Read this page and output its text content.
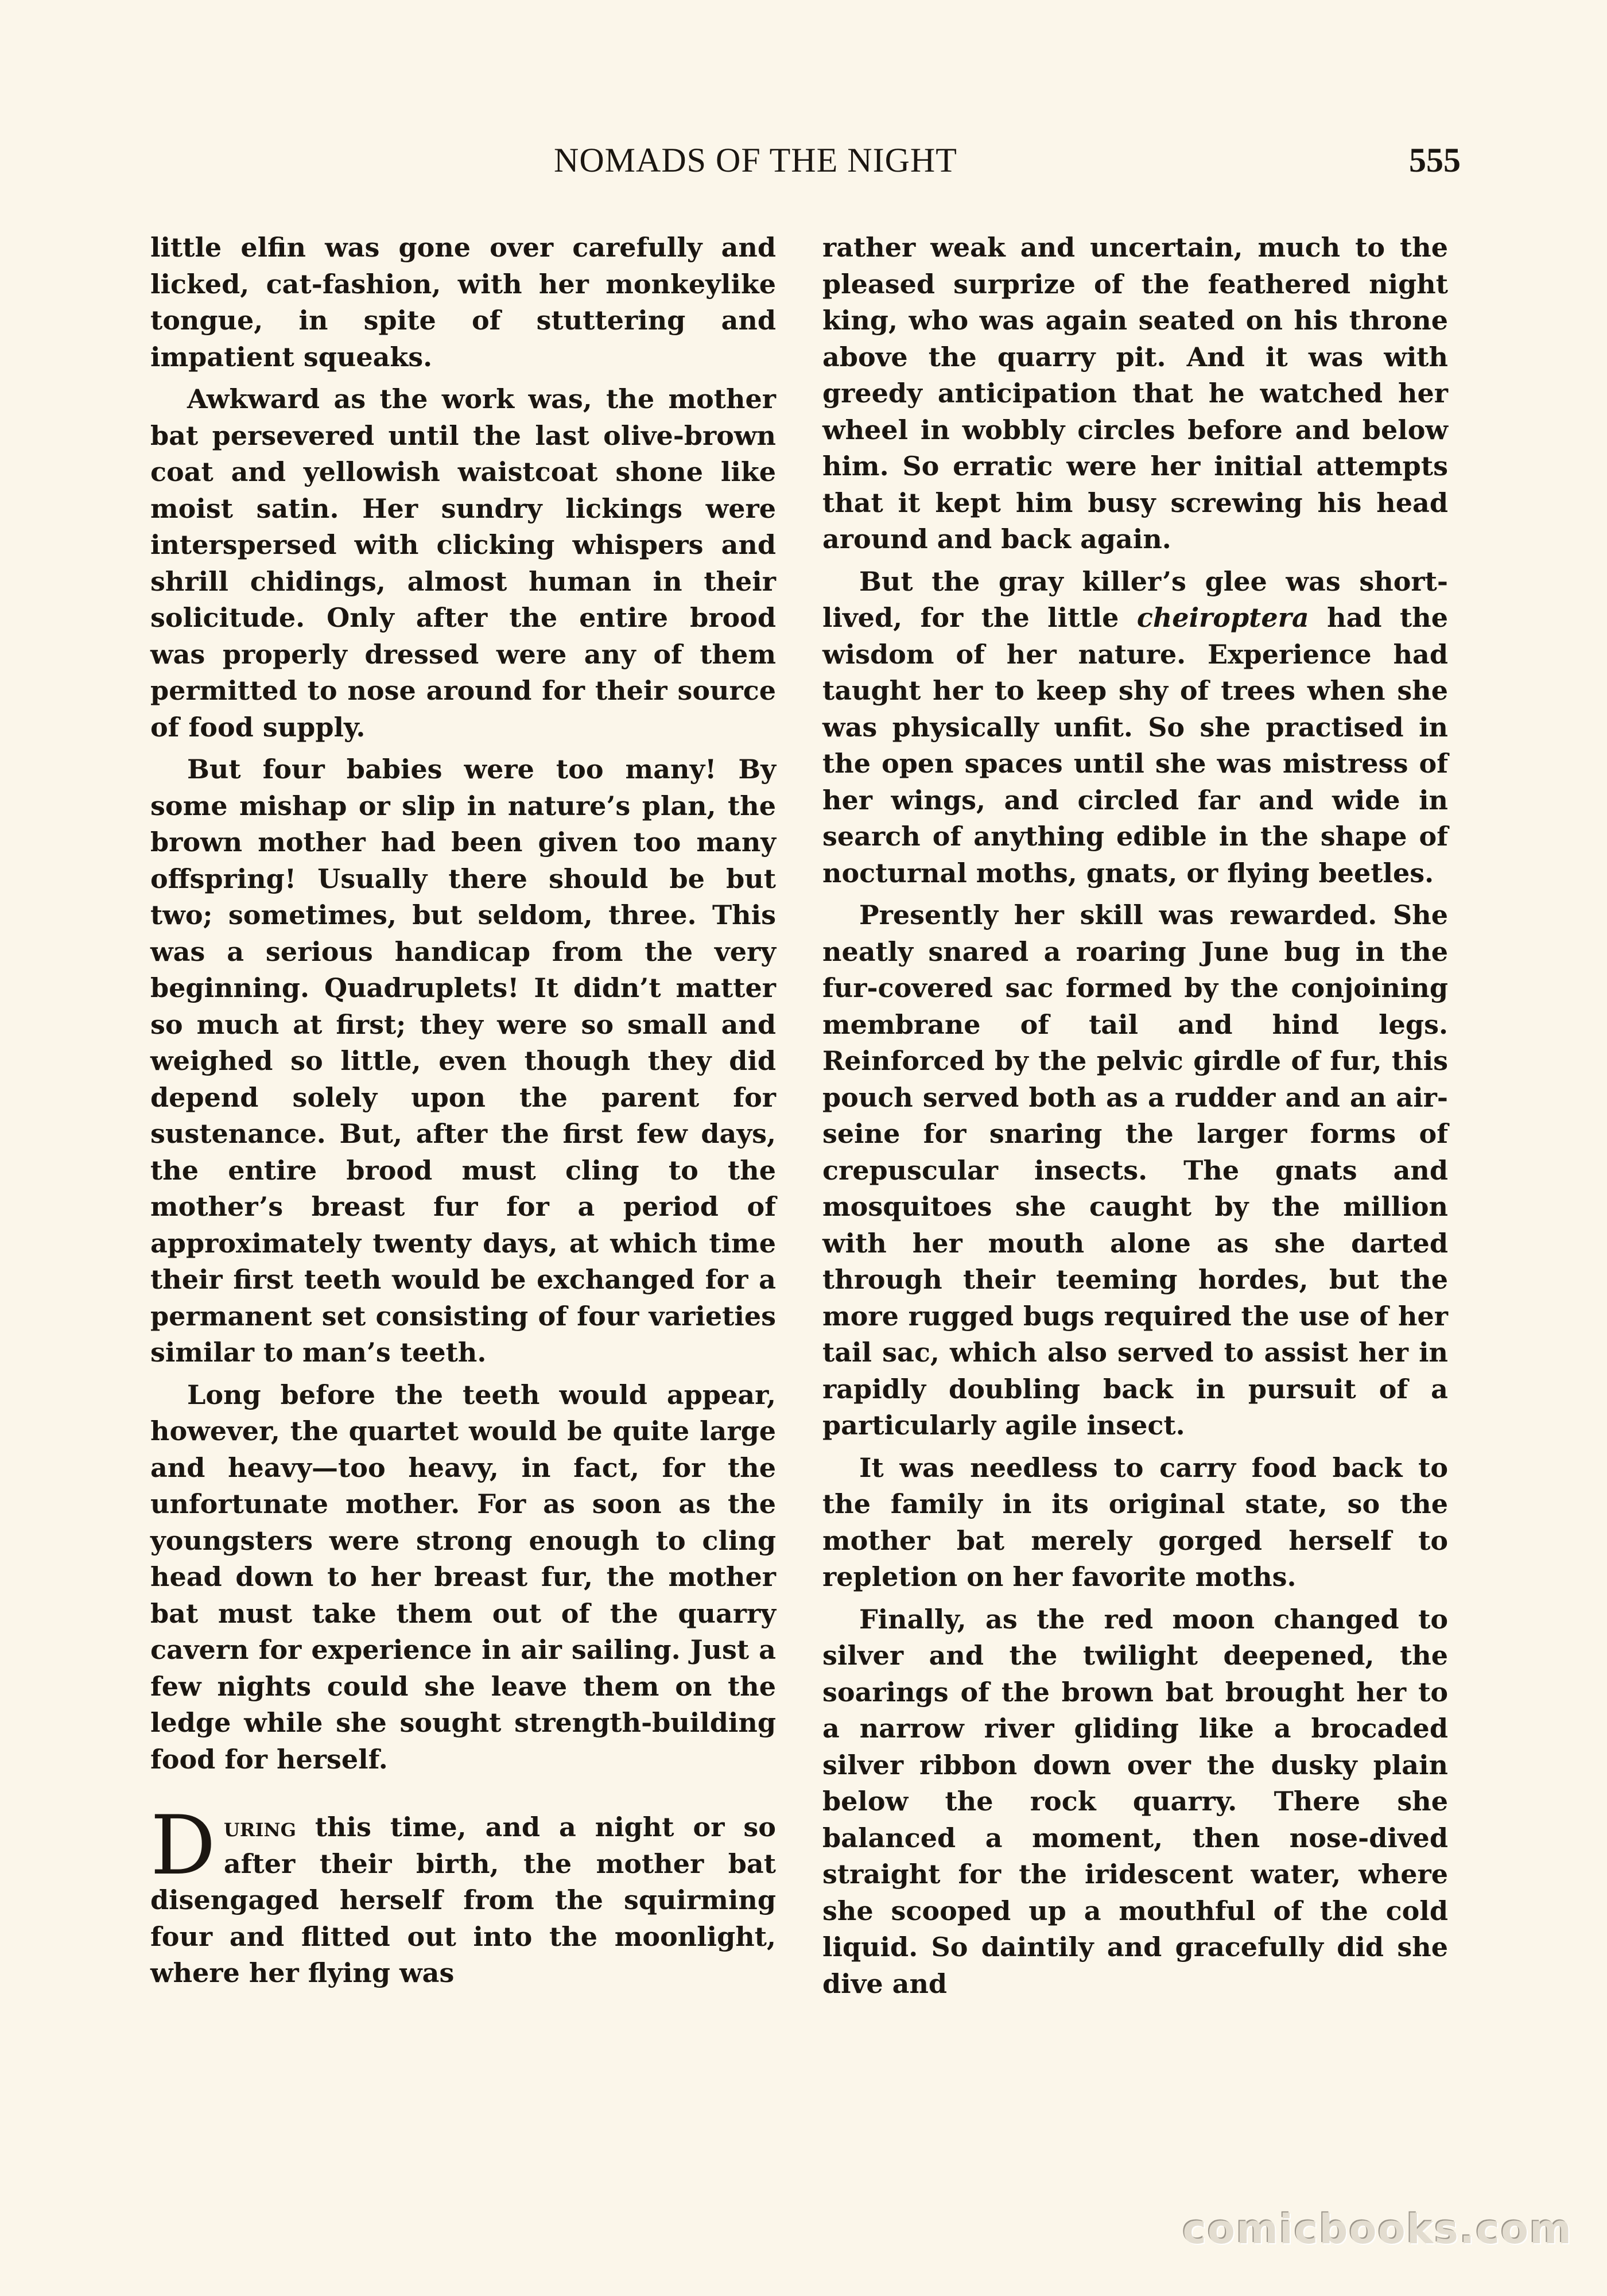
NOMADS OF THE NIGHT	555

little elfin was gone over carefully and licked, cat-fashion, with her monkeylike tongue, in spite of stuttering and impatient squeaks.

Awkward as the work was, the mother bat persevered until the last olive-brown coat and yellowish waistcoat shone like moist satin. Her sundry lickings were interspersed with clicking whispers and shrill chidings, almost human in their solicitude. Only after the entire brood was properly dressed were any of them permitted to nose around for their source of food supply.

But four babies were too many! By some mishap or slip in nature’s plan, the brown mother had been given too many offspring! Usually there should be but two; sometimes, but seldom, three. This was a serious handicap from the very beginning. Quadruplets! It didn’t matter so much at first; they were so small and weighed so little, even though they did depend solely upon the parent for sustenance. But, after the first few days, the entire brood must cling to the mother’s breast fur for a period of approximately twenty days, at which time their first teeth would be exchanged for a permanent set consisting of four varieties similar to man’s teeth.

Long before the teeth would appear, however, the quartet would be quite large and heavy—too heavy, in fact, for the unfortunate mother. For as soon as the youngsters were strong enough to cling head down to her breast fur, the mother bat must take them out of the quarry cavern for experience in air sailing. Just a few nights could she leave them on the ledge while she sought strength-building food for herself.

During this time, and a night or so after their birth, the mother bat disengaged herself from the squirming four and flitted out into the moonlight, where her flying was

rather weak and uncertain, much to the pleased surprize of the feathered night king, who was again seated on his throne above the quarry pit. And it was with greedy anticipation that he watched her wheel in wobbly circles before and below him. So erratic were her initial attempts that it kept him busy screwing his head around and back again.

But the gray killer’s glee was short-lived, for the little cheiroptera had the wisdom of her nature. Experience had taught her to keep shy of trees when she was physically unfit. So she practised in the open spaces until she was mistress of her wings, and circled far and wide in search of anything edible in the shape of nocturnal moths, gnats, or flying beetles.

Presently her skill was rewarded. She neatly snared a roaring June bug in the fur-covered sac formed by the conjoining membrane of tail and hind legs. Reinforced by the pelvic girdle of fur, this pouch served both as a rudder and an air-seine for snaring the larger forms of crepuscular insects. The gnats and mosquitoes she caught by the million with her mouth alone as she darted through their teeming hordes, but the more rugged bugs required the use of her tail sac, which also served to assist her in rapidly doubling back in pursuit of a particularly agile insect.

It was needless to carry food back to the family in its original state, so the mother bat merely gorged herself to repletion on her favorite moths.

Finally, as the red moon changed to silver and the twilight deepened, the soarings of the brown bat brought her to a narrow river gliding like a brocaded silver ribbon down over the dusky plain below the rock quarry. There she balanced a moment, then nose-dived straight for the iridescent water, where she scooped up a mouthful of the cold liquid. So daintily and gracefully did she dive and

comicbooks.com
